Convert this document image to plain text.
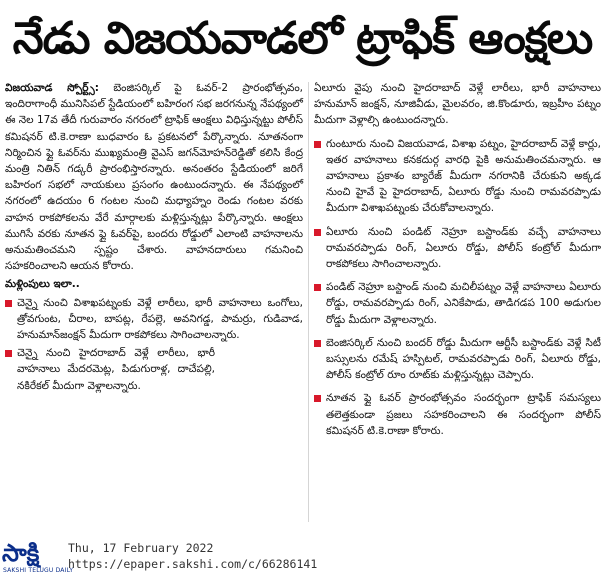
నేడు విజయవాడలో ట్రాఫిక్ ఆంక్షలు

విజయవాడ స్పోర్ట్స్: బెంజిసర్కిల్ పై ఓవర్-2 ప్రారంభోత్సవం, ఇందిరాగాంధీ మునిసిపల్ స్టేడియంలో బహిరంగ సభ జరగనున్న నేపథ్యంలో ఈ నెల 17వ తేదీ గురువారం నగరంలో ట్రాఫిక్ ఆంక్షలు విధిస్తున్నట్టు పోలీస్ కమిషనర్ టి.కె.రాణా బుధవారం ఓ ప్రకటనలో పేర్కొన్నారు. నూతనంగా నిర్మించిన ఫ్లై ఓవర్‌ను ముఖ్యమంత్రి వైఎస్ జగన్‌మోహన్‌రెడ్డితో కలిసి కేంద్ర మంత్రి నితిన్ గడ్కరీ ప్రారంభిస్తారన్నారు. అనంతరం స్టేడియంలో జరిగే బహిరంగ సభలో నాయకులు ప్రసంగం ఉంటుందన్నారు. ఈ నేపథ్యంలో నగరంలో ఉదయం 6 గంటల నుంచి మధ్యాహ్నం రెండు గంటల వరకు వాహన రాకపోకలను వేరే మార్గాలకు మళ్లిస్తున్నట్లు పేర్కొన్నారు. ఆంక్షలు ముగిసే వరకు నూతన ఫ్లై ఓవర్‌పై, బందరు రోడ్డులో ఎలాంటి వాహనాలను అనుమతించమని స్పష్టం చేశారు. వాహనదారులు గమనించి సహకరించాలని ఆయన కోరారు.

మళ్లింపులు ఇలా..

చెన్నై నుంచి విశాఖపట్నంకు వెళ్లే లారీలు, భారీ వాహనాలు ఒంగోలు, త్రోవగుంట, చీరాల, బాపట్ల, రేపల్లె, అవనిగడ్డ, పామర్రు, గుడివాడ, హనుమాన్‌జంక్షన్ మీదుగా రాకపోకలు సాగించాలన్నారు.

చెన్నై నుంచి హైదరాబాద్ వెళ్లే లారీలు, భారీ వాహనాలు మేదరమెట్ల, పిడుగురాళ్ల, దాచేపల్లి, నకిరేకల్ మీదుగా వెళ్లాలన్నారు.

ఏలూరు వైపు నుంచి హైదరాబాద్ వెళ్లే లారీలు, భారీ వాహనాలు హనుమాన్ జంక్షన్, నూజివీడు, మైలవరం, జి.కొండూరు, ఇబ్రహీం పట్నం మీదుగా వెళ్లాల్సి ఉంటుందన్నారు.

గుంటూరు నుంచి విజయవాడ, విశాఖ పట్నం, హైదరాబాద్ వెళ్లే కార్లు, ఇతర వాహనాలు కనకదుర్గ వారధి పైకి అనుమతించమన్నారు. ఆ వాహనాలు ప్రకాశం బ్యారేజ్ మీదుగా నగరానికి చేరుకుని అక్కడ నుంచి హైవే పై హైదరాబాద్, ఏలూరు రోడ్డు నుంచి రామవరప్పాడు మీదుగా విశాఖపట్నంకు చేరుకోవాలన్నారు.

ఏలూరు నుంచి పండిట్ నెహ్రూ బస్టాండ్‌కు వచ్చే వాహనాలు రామవరప్పాడు రింగ్, ఏలూరు రోడ్డు, పోలీస్ కంట్రోల్ మీదుగా రాకపోకలు సాగించాలన్నారు.

పండిట్ నెహ్రూ బస్టాండ్ నుంచి మచిలీపట్నం వెళ్లే వాహనాలు ఏలూరు రోడ్డు, రామవరప్పాడు రింగ్, ఎనికేపాడు, తాడిగడప 100 అడుగుల రోడ్డు మీదుగా వెళ్లాలన్నారు.

బెంజిసర్కిల్ నుంచి బందర్ రోడ్డు మీదుగా ఆర్టీసీ బస్టాండ్‌కు వెళ్లే సిటీ బస్సులను రమేష్ హస్పిటల్, రామవరప్పాడు రింగ్, ఏలూరు రోడ్డు, పోలీస్ కంట్రోల్ రూం రూట్‌కు మళ్లిస్తున్నట్లు చెప్పారు.

నూతన ఫ్లై ఓవర్ ప్రారంభోత్సవం సందర్భంగా ట్రాఫిక్ సమస్యలు తలెత్తకుండా ప్రజలు సహకరించాలని ఈ సందర్భంగా పోలీస్ కమిషనర్ టి.కె.రాణా కోరారు.

సాక్షి
SAKSHI TELUGU DAILY
Thu, 17 February 2022
https://epaper.sakshi.com/c/66286141
